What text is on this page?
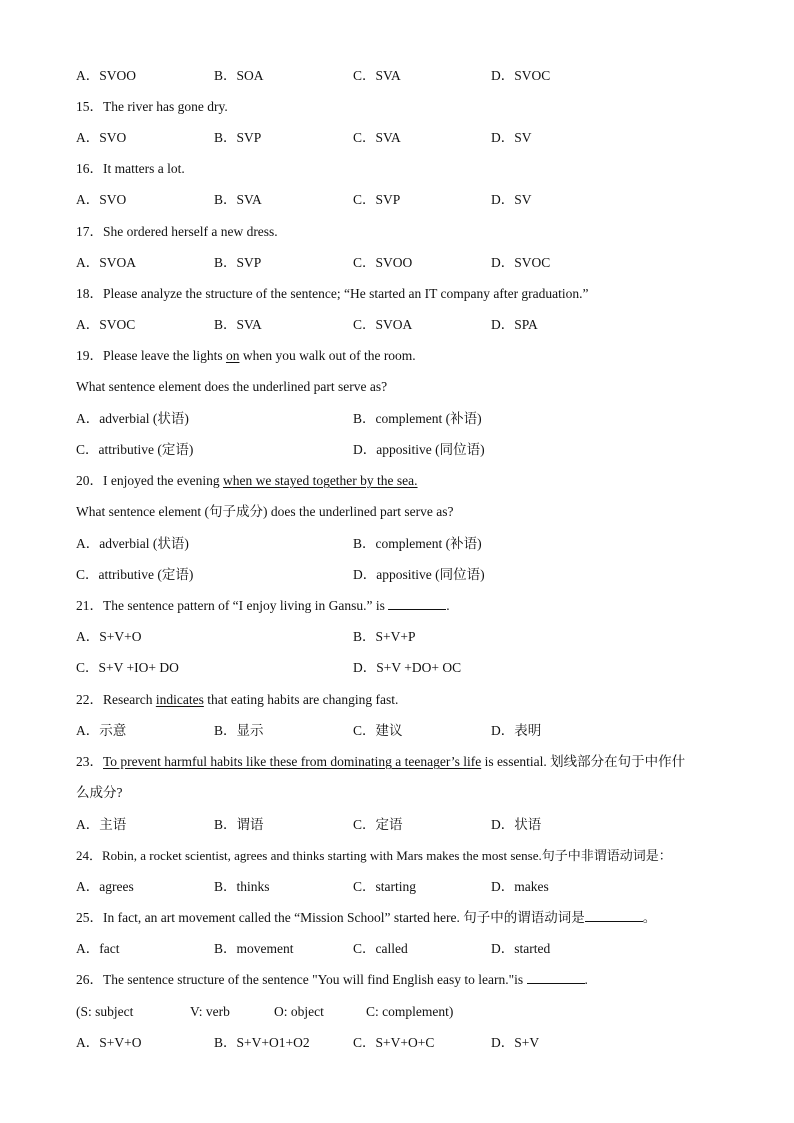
A．SVOO	B．SOA	C．SVA	D．SVOC
15．The river has gone dry.
A．SVO	B．SVP	C．SVA	D．SV
16．It matters a lot.
A．SVO	B．SVA	C．SVP	D．SV
17．She ordered herself a new dress.
A．SVOA	B．SVP	C．SVOO	D．SVOC
18．Please analyze the structure of the sentence; “He started an IT company after graduation.”
A．SVOC	B．SVA	C．SVOA	D．SPA
19．Please leave the lights on when you walk out of the room.
What sentence element does the underlined part serve as?
A．adverbial (状语)	B．complement (补语)
C．attributive (定语)	D．appositive (同位语)
20．I enjoyed the evening when we stayed together by the sea.
What sentence element (句子成分) does the underlined part serve as?
A．adverbial (状语)	B．complement (补语)
C．attributive (定语)	D．appositive (同位语)
21．The sentence pattern of “I enjoy living in Gansu.” is	.
A．S+V+O	B．S+V+P
C．S+V +IO+ DO	D．S+V +DO+ OC
22．Research indicates that eating habits are changing fast.
A．示意	B．显示	C．建议	D．表明
23．To prevent harmful habits like these from dominating a teenager’s life is essential. 划线部分在句于中作什
么成分?
A．主语	B．谓语	C．定语	D．状语
24．Robin, a rocket scientist, agrees and thinks starting with Mars makes the most sense.句子中非谓语动词是：
A．agrees	B．thinks	C．starting	D．makes
25．In fact, an art movement called the “Mission School” started here. 句子中的谓语动词是	。
A．fact	B．movement	C．called	D．started
26．The sentence structure of the sentence "You will find English easy to learn."is	.
(S: subject	V: verb	O: object	C: complement)
A．S+V+O	B．S+V+O1+O2	C．S+V+O+C	D．S+V
